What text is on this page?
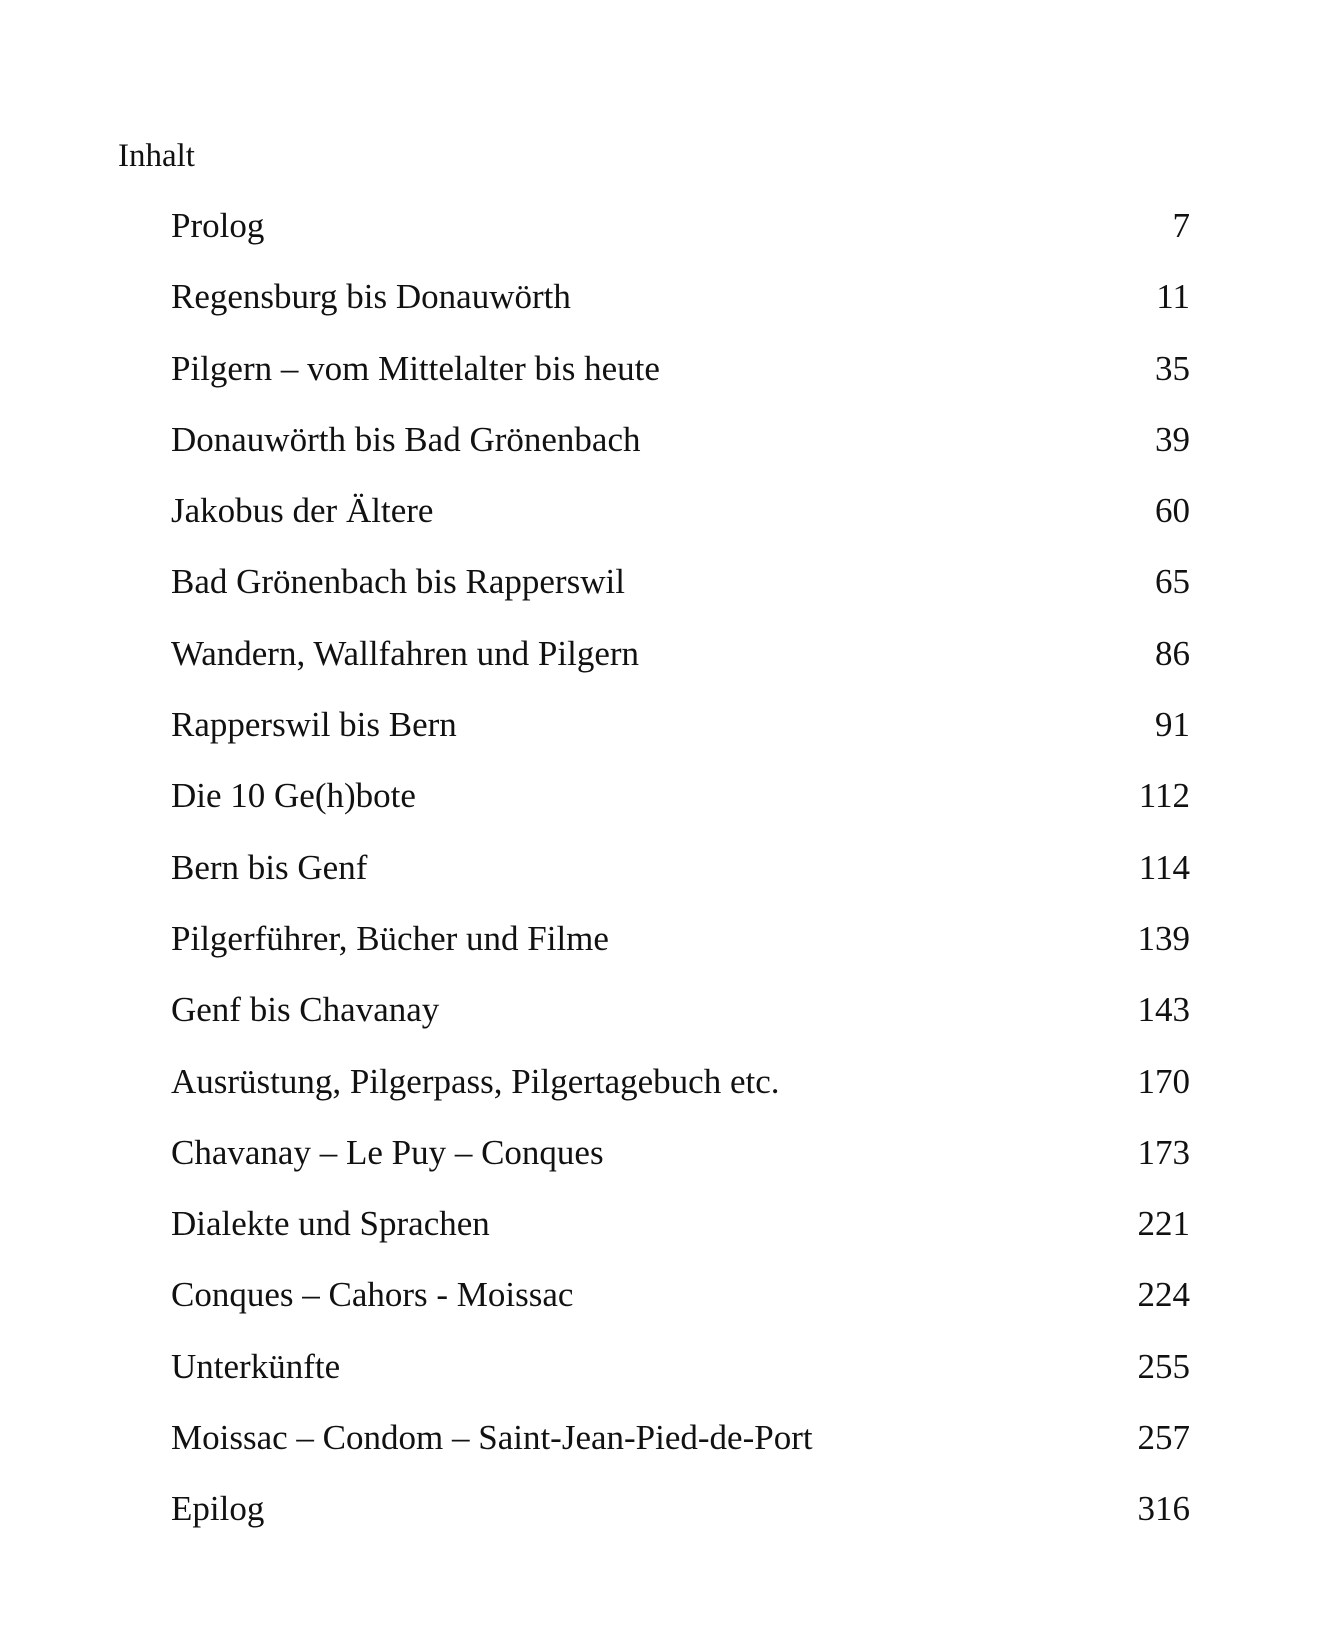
Inhalt
Prolog	7
Regensburg bis Donauwörth	11
Pilgern – vom Mittelalter bis heute	35
Donauwörth bis Bad Grönenbach	39
Jakobus der Ältere	60
Bad Grönenbach bis Rapperswil	65
Wandern, Wallfahren und Pilgern	86
Rapperswil bis Bern	91
Die 10 Ge(h)bote	112
Bern bis Genf	114
Pilgerführer, Bücher und Filme	139
Genf bis Chavanay	143
Ausrüstung, Pilgerpass, Pilgertagebuch etc.	170
Chavanay – Le Puy – Conques	173
Dialekte und Sprachen	221
Conques – Cahors - Moissac	224
Unterkünfte	255
Moissac – Condom – Saint-Jean-Pied-de-Port	257
Epilog	316
